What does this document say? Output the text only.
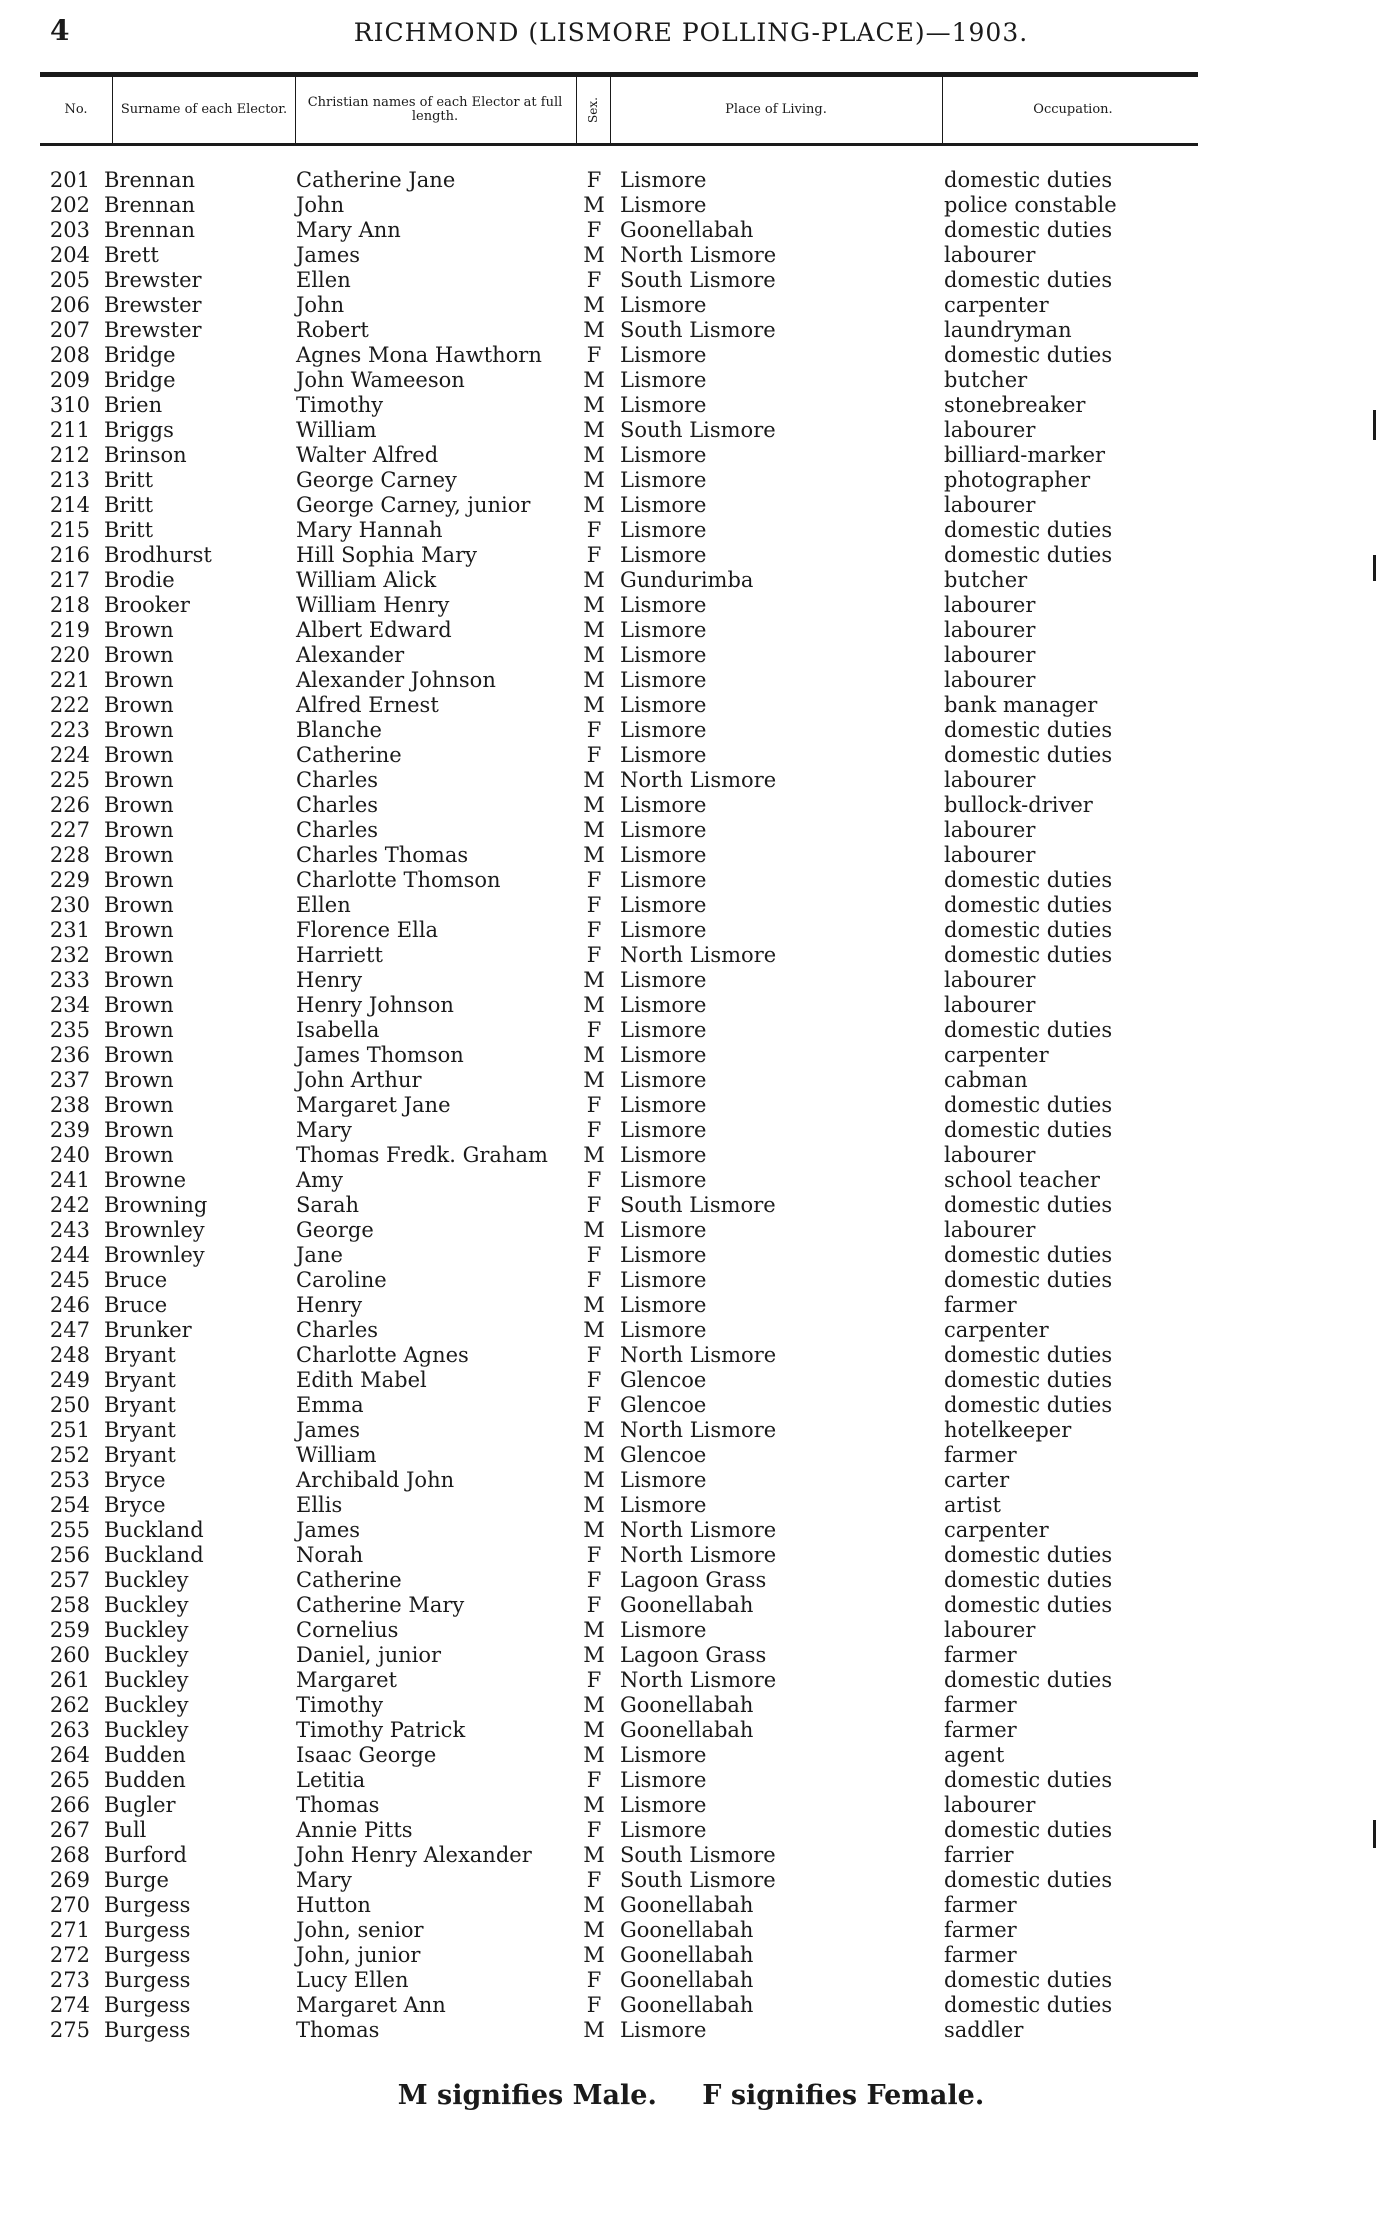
4	RICHMOND (LISMORE POLLING-PLACE)—1903.
No.	Surname of each Elector.	Christian names of each Elector at full length.	Sex.	Place of Living.	Occupation.
201 Brennan	Catherine Jane	F Lismore	domestic duties
202 Brennan	John	M Lismore	police constable
203 Brennan	Mary Ann	F Goonellabah	domestic duties
204 Brett	James	M North Lismore	labourer
205 Brewster	Ellen	F South Lismore	domestic duties
206 Brewster	John	M Lismore	carpenter
207 Brewster	Robert	M South Lismore	laundryman
208 Bridge	Agnes Mona Hawthorn F Lismore	domestic duties
209 Bridge	John Wameeson	M Lismore	butcher
310 Brien	Timothy	M Lismore	stonebreaker
211 Briggs	William	M South Lismore	labourer
212 Brinson	Walter Alfred	M Lismore	billiard-marker
213 Britt	George Carney	M Lismore	photographer
214 Britt	George Carney, junior	M Lismore	labourer
215 Britt	Mary Hannah	F Lismore	domestic duties
216 Brodhurst	Hill Sophia Mary	F Lismore	domestic duties
217 Brodie	William Alick	M Gundurimba	butcher
218 Brooker	William Henry	M Lismore	labourer
219 Brown	Albert Edward	M Lismore	labourer
220 Brown	Alexander	M Lismore	labourer
221 Brown	Alexander Johnson	M Lismore	labourer
222 Brown	Alfred Ernest	M Lismore	bank manager
223 Brown	Blanche	F Lismore	domestic duties
224 Brown	Catherine	F Lismore	domestic duties
225 Brown	Charles	M North Lismore	labourer
226 Brown	Charles	M Lismore	bullock-driver
227 Brown	Charles	M Lismore	labourer
228 Brown	Charles Thomas	M Lismore	labourer
229 Brown	Charlotte Thomson	F Lismore	domestic duties
230 Brown	Ellen	F Lismore	domestic duties
231 Brown	Florence Ella	F Lismore	domestic duties
232 Brown	Harriett	F North Lismore	domestic duties
233 Brown	Henry	M Lismore	labourer
234 Brown	Henry Johnson	M Lismore	labourer
235 Brown	Isabella	F Lismore	domestic duties
236 Brown	James Thomson	M Lismore	carpenter
237 Brown	John Arthur	M Lismore	cabman
238 Brown	Margaret Jane	F Lismore	domestic duties
239 Brown	Mary	F Lismore	domestic duties
240 Brown	Thomas Fredk. Graham M Lismore	labourer
241 Browne	Amy	F Lismore	school teacher
242 Browning	Sarah	F South Lismore	domestic duties
243 Brownley	George	M Lismore	labourer
244 Brownley	Jane	F Lismore	domestic duties
245 Bruce	Caroline	F Lismore	domestic duties
246 Bruce	Henry	M Lismore	farmer
247 Brunker	Charles	M Lismore	carpenter
248 Bryant	Charlotte Agnes	F North Lismore	domestic duties
249 Bryant	Edith Mabel	F Glencoe	domestic duties
250 Bryant	Emma	F Glencoe	domestic duties
251 Bryant	James	M North Lismore	hotelkeeper
252 Bryant	William	M Glencoe	farmer
253 Bryce	Archibald John	M Lismore	carter
254 Bryce	Ellis	M Lismore	artist
255 Buckland	James	M North Lismore	carpenter
256 Buckland	Norah	F North Lismore	domestic duties
257 Buckley	Catherine	F Lagoon Grass	domestic duties
258 Buckley	Catherine Mary	F Goonellabah	domestic duties
259 Buckley	Cornelius	M Lismore	labourer
260 Buckley	Daniel, junior	M Lagoon Grass	farmer
261 Buckley	Margaret	F North Lismore	domestic duties
262 Buckley	Timothy	M Goonellabah	farmer
263 Buckley	Timothy Patrick	M Goonellabah	farmer
264 Budden	Isaac George	M Lismore	agent
265 Budden	Letitia	F Lismore	domestic duties
266 Bugler	Thomas	M Lismore	labourer
267 Bull	Annie Pitts	F Lismore	domestic duties
268 Burford	John Henry Alexander M South Lismore	farrier
269 Burge	Mary	F South Lismore	domestic duties
270 Burgess	Hutton	M Goonellabah	farmer
271 Burgess	John, senior	M Goonellabah	farmer
272 Burgess	John, junior	M Goonellabah	farmer
273 Burgess	Lucy Ellen	F Goonellabah	domestic duties
274 Burgess	Margaret Ann	F Goonellabah	domestic duties
275 Burgess	Thomas	M Lismore	saddler
M signifies Male. F signifies Female.
